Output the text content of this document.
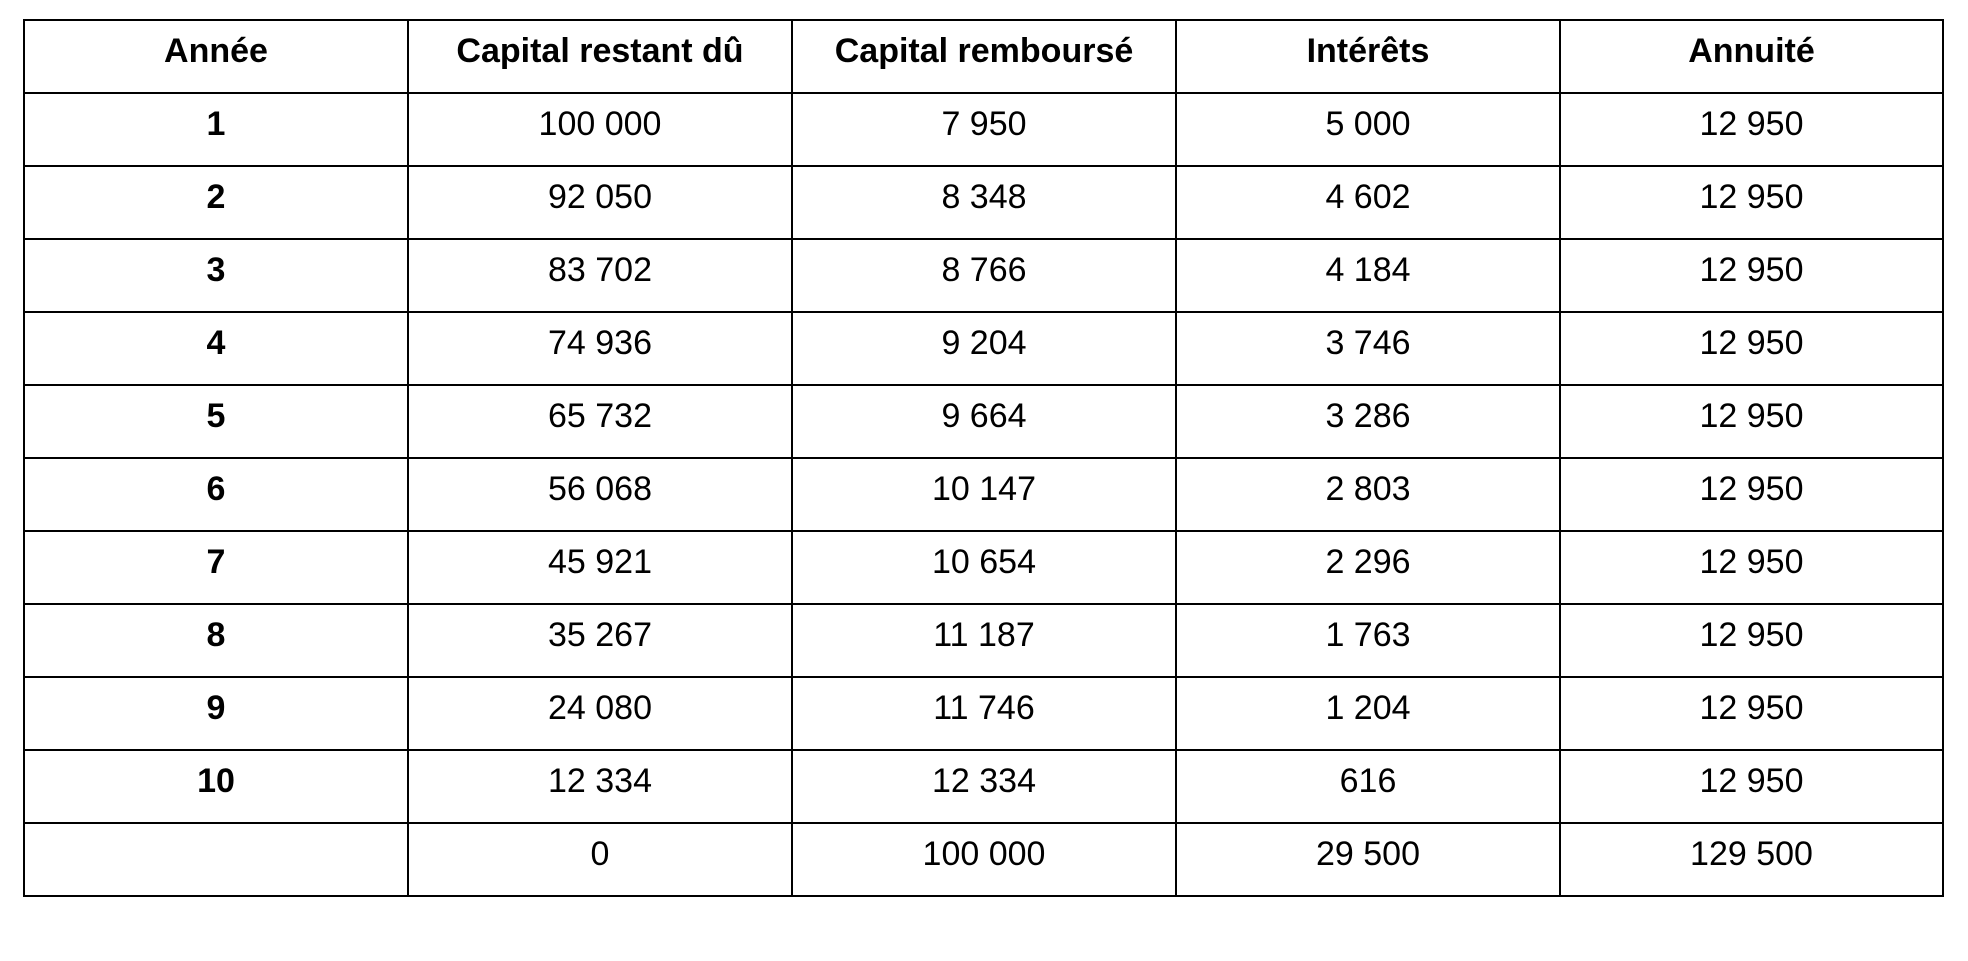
Année	Capital restant dû	Capital remboursé	Intérêts	Annuité
1	100 000	7 950	5 000	12 950
2	92 050	8 348	4 602	12 950
3	83 702	8 766	4 184	12 950
4	74 936	9 204	3 746	12 950
5	65 732	9 664	3 286	12 950
6	56 068	10 147	2 803	12 950
7	45 921	10 654	2 296	12 950
8	35 267	11 187	1 763	12 950
9	24 080	11 746	1 204	12 950
10	12 334	12 334	616	12 950
	0	100 000	29 500	129 500
